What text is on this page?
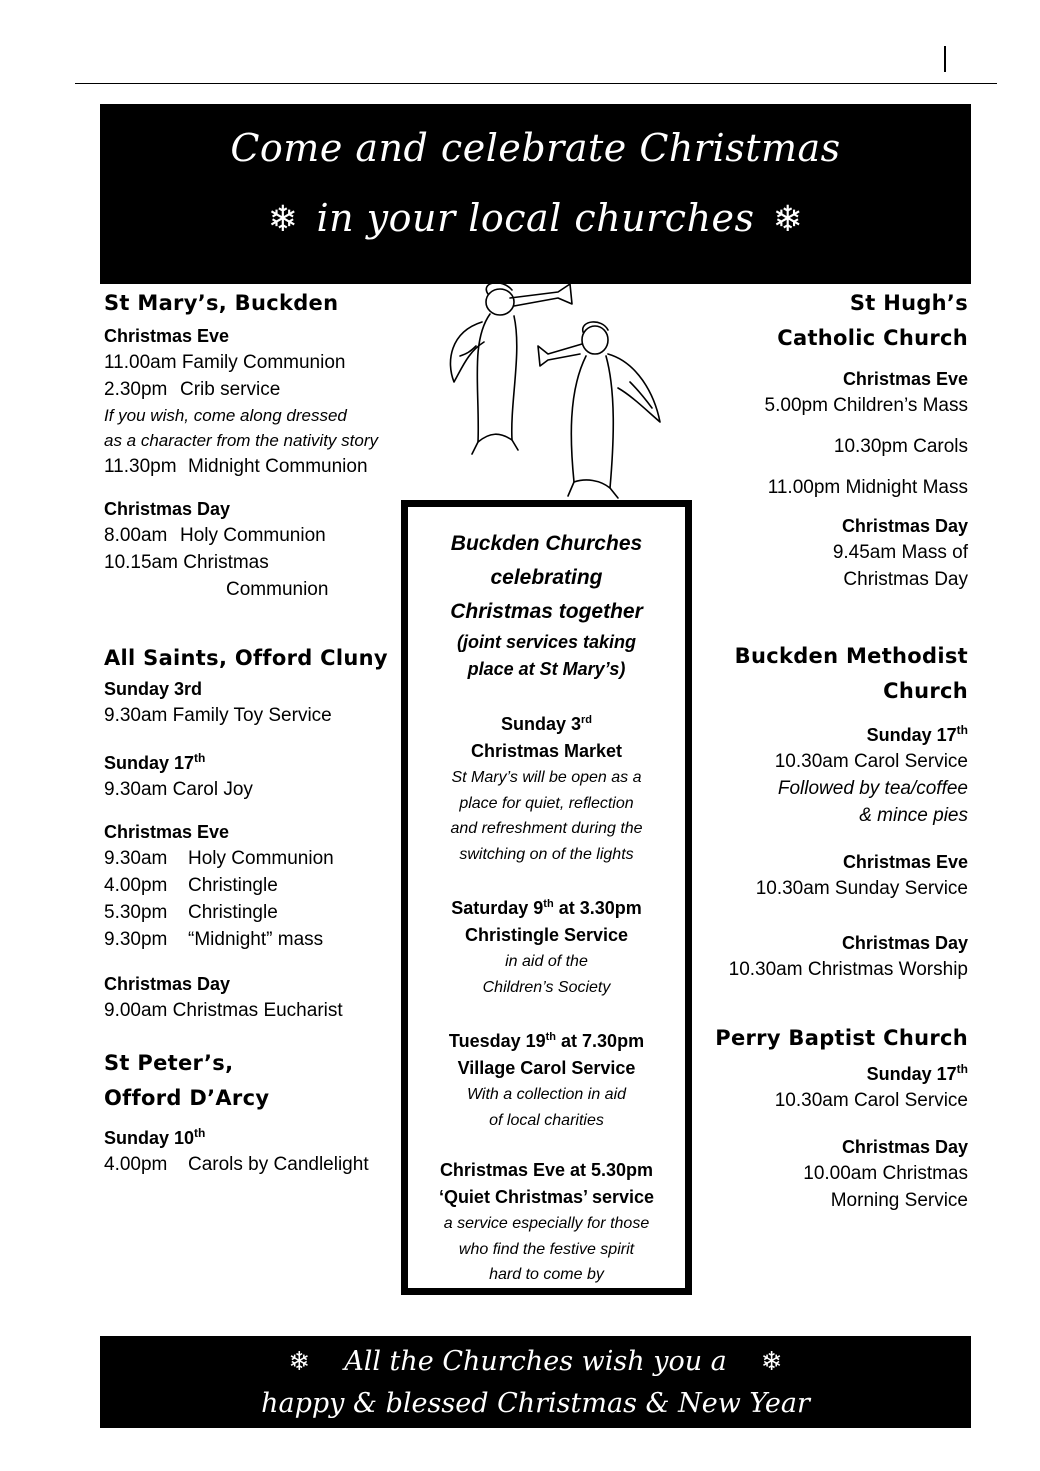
Come and celebrate Christmas
❄ in your local churches ❄
St Mary’s, Buckden
Christmas Eve
11.00am Family Communion
2.30pm Crib service
If you wish, come along dressed
as a character from the nativity story
11.30pm Midnight Communion
Christmas Day
8.00am Holy Communion
10.15am Christmas
Communion
All Saints, Offord Cluny
Sunday 3rd
9.30am Family Toy Service
Sunday 17th
9.30am Carol Joy
Christmas Eve
9.30am Holy Communion
4.00pm Christingle
5.30pm Christingle
9.30pm “Midnight” mass
Christmas Day
9.00am Christmas Eucharist
St Peter’s,
Offord D’Arcy
Sunday 10th
4.00pm Carols by Candlelight
Buckden Churches
celebrating
Christmas together
(joint services taking
place at St Mary’s)
Sunday 3rd
Christmas Market
St Mary’s will be open as a
place for quiet, reflection
and refreshment during the
switching on of the lights
Saturday 9th at 3.30pm
Christingle Service
in aid of the
Children’s Society
Tuesday 19th at 7.30pm
Village Carol Service
With a collection in aid
of local charities
Christmas Eve at 5.30pm
‘Quiet Christmas’ service
a service especially for those
who find the festive spirit
hard to come by
St Hugh’s
Catholic Church
Christmas Eve
5.00pm Children’s Mass
10.30pm Carols
11.00pm Midnight Mass
Christmas Day
9.45am Mass of
Christmas Day
Buckden Methodist
Church
Sunday 17th
10.30am Carol Service
Followed by tea/coffee
& mince pies
Christmas Eve
10.30am Sunday Service
Christmas Day
10.30am Christmas Worship
Perry Baptist Church
Sunday 17th
10.30am Carol Service
Christmas Day
10.00am Christmas
Morning Service
❄ All the Churches wish you a ❄
happy & blessed Christmas & New Year
